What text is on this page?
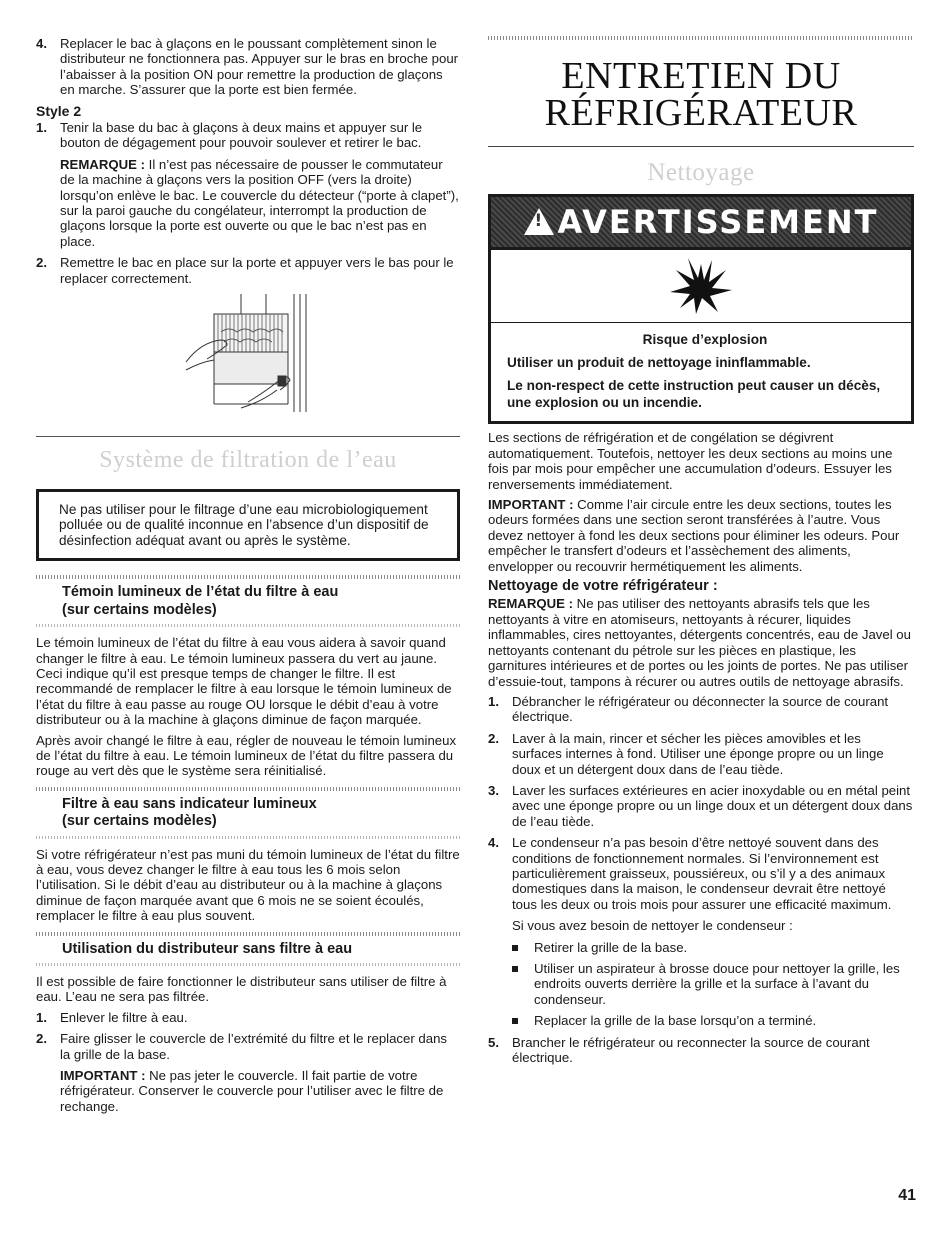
4. Replacer le bac à glaçons en le poussant complètement sinon le distributeur ne fonctionnera pas. Appuyer sur le bras en broche pour l’abaisser à la position ON pour remettre la production de glaçons en marche. S’assurer que la porte est bien fermée.
Style 2
1. Tenir la base du bac à glaçons à deux mains et appuyer sur le bouton de dégagement pour pouvoir soulever et retirer le bac.
REMARQUE : Il n’est pas nécessaire de pousser le commutateur de la machine à glaçons vers la position OFF (vers la droite) lorsqu’on enlève le bac. Le couvercle du détecteur (“porte à clapet”), sur la paroi gauche du congélateur, interrompt la production de glaçons lorsque la porte est ouverte ou que le bac n’est pas en place.
2. Remettre le bac en place sur la porte et appuyer vers le bas pour le replacer correctement.
Système de filtration de l’eau
Ne pas utiliser pour le filtrage d’une eau microbiologiquement polluée ou de qualité inconnue en l’absence d’un dispositif de désinfection adéquat avant ou après le système.
Témoin lumineux de l’état du filtre à eau
(sur certains modèles)

Le témoin lumineux de l’état du filtre à eau vous aidera à savoir quand changer le filtre à eau. Le témoin lumineux passera du vert au jaune. Ceci indique qu’il est presque temps de changer le filtre. Il est recommandé de remplacer le filtre à eau lorsque le témoin lumineux de l’état du filtre à eau passe au rouge OU lorsque le débit d’eau à votre distributeur ou à la machine à glaçons diminue de façon marquée.

Après avoir changé le filtre à eau, régler de nouveau le témoin lumineux de l’état du filtre à eau. Le témoin lumineux de l’état du filtre passera du rouge au vert dès que le système sera réinitialisé.

Filtre à eau sans indicateur lumineux
(sur certains modèles)

Si votre réfrigérateur n’est pas muni du témoin lumineux de l’état du filtre à eau, vous devez changer le filtre à eau tous les 6 mois selon l’utilisation. Si le débit d’eau au distributeur ou à la machine à glaçons diminue de façon marquée avant que 6 mois ne se soient écoulés, remplacer le filtre à eau plus souvent.

Utilisation du distributeur sans filtre à eau

Il est possible de faire fonctionner le distributeur sans utiliser de filtre à eau. L’eau ne sera pas filtrée.

1. Enlever le filtre à eau.
2. Faire glisser le couvercle de l’extrémité du filtre et le replacer dans la grille de la base.
IMPORTANT : Ne pas jeter le couvercle. Il fait partie de votre réfrigérateur. Conserver le couvercle pour l’utiliser avec le filtre de rechange.
ENTRETIEN DU
RÉFRIGÉRATEUR
Nettoyage
! AVERTISSEMENT
Risque d’explosion
Utiliser un produit de nettoyage ininflammable.
Le non-respect de cette instruction peut causer un décès, une explosion ou un incendie.

Les sections de réfrigération et de congélation se dégivrent automatiquement. Toutefois, nettoyer les deux sections au moins une fois par mois pour empêcher une accumulation d’odeurs. Essuyer les renversements immédiatement.

IMPORTANT : Comme l’air circule entre les deux sections, toutes les odeurs formées dans une section seront transférées à l’autre. Vous devez nettoyer à fond les deux sections pour éliminer les odeurs. Pour empêcher le transfert d’odeurs et l’assèchement des aliments, envelopper ou recouvrir hermétiquement les aliments.

Nettoyage de votre réfrigérateur :

REMARQUE : Ne pas utiliser des nettoyants abrasifs tels que les nettoyants à vitre en atomiseurs, nettoyants à récurer, liquides inflammables, cires nettoyantes, détergents concentrés, eau de Javel ou nettoyants contenant du pétrole sur les pièces en plastique, les garnitures intérieures et de portes ou les joints de portes. Ne pas utiliser d’essuie-tout, tampons à récurer ou autres outils de nettoyage abrasifs.

1. Débrancher le réfrigérateur ou déconnecter la source de courant électrique.
2. Laver à la main, rincer et sécher les pièces amovibles et les surfaces internes à fond. Utiliser une éponge propre ou un linge doux et un détergent doux dans de l’eau tiède.
3. Laver les surfaces extérieures en acier inoxydable ou en métal peint avec une éponge propre ou un linge doux et un détergent doux dans de l’eau tiède.
4. Le condenseur n’a pas besoin d’être nettoyé souvent dans des conditions de fonctionnement normales. Si l’environnement est particulièrement graisseux, poussiéreux, ou s’il y a des animaux domestiques dans la maison, le condenseur devrait être nettoyé tous les deux ou trois mois pour assurer une efficacité maximum.
Si vous avez besoin de nettoyer le condenseur :
Retirer la grille de la base.
Utiliser un aspirateur à brosse douce pour nettoyer la grille, les endroits ouverts derrière la grille et la surface à l’avant du condenseur.
Replacer la grille de la base lorsqu’on a terminé.
5. Brancher le réfrigérateur ou reconnecter la source de courant électrique.
41
